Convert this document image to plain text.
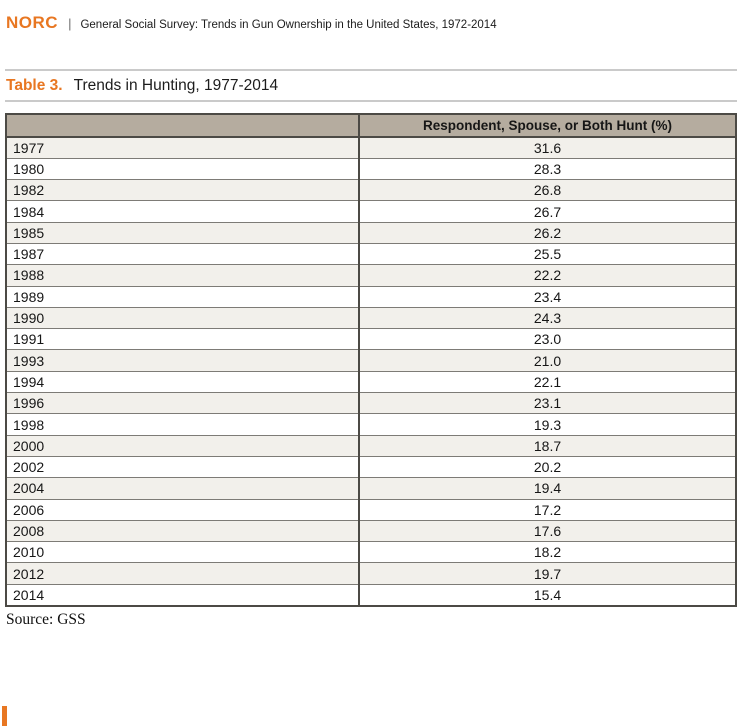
NORC | General Social Survey: Trends in Gun Ownership in the United States, 1972-2014
Table 3. Trends in Hunting, 1977-2014
	Respondent, Spouse, or Both Hunt (%)
1977	31.6
1980	28.3
1982	26.8
1984	26.7
1985	26.2
1987	25.5
1988	22.2
1989	23.4
1990	24.3
1991	23.0
1993	21.0
1994	22.1
1996	23.1
1998	19.3
2000	18.7
2002	20.2
2004	19.4
2006	17.2
2008	17.6
2010	18.2
2012	19.7
2014	15.4
Source: GSS
